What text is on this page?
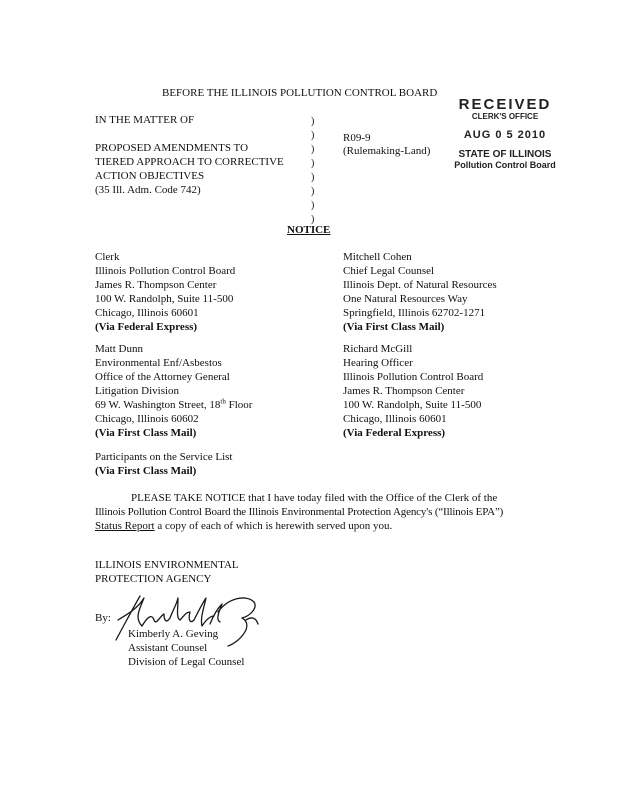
BEFORE THE ILLINOIS POLLUTION CONTROL BOARD
RECEIVED
CLERK'S OFFICE
AUG 0 5 2010
STATE OF ILLINOIS
Pollution Control Board
IN THE MATTER OF
PROPOSED AMENDMENTS TO
TIERED APPROACH TO CORRECTIVE
ACTION OBJECTIVES
(35 Ill. Adm. Code 742)
)
)
)
)
)
)
)
)
R09-9
(Rulemaking-Land)
NOTICE
Clerk
Illinois Pollution Control Board
James R. Thompson Center
100 W. Randolph, Suite 11-500
Chicago, Illinois 60601
(Via Federal Express)
Mitchell Cohen
Chief Legal Counsel
Illinois Dept. of Natural Resources
One Natural Resources Way
Springfield, Illinois 62702-1271
(Via First Class Mail)
Matt Dunn
Environmental Enf/Asbestos
Office of the Attorney General
Litigation Division
69 W. Washington Street, 18th Floor
Chicago, Illinois 60602
(Via First Class Mail)
Richard McGill
Hearing Officer
Illinois Pollution Control Board
James R. Thompson Center
100 W. Randolph, Suite 11-500
Chicago, Illinois 60601
(Via Federal Express)
Participants on the Service List
(Via First Class Mail)
PLEASE TAKE NOTICE that I have today filed with the Office of the Clerk of the
Illinois Pollution Control Board the Illinois Environmental Protection Agency's (“Illinois EPA”)
Status Report a copy of each of which is herewith served upon you.
ILLINOIS ENVIRONMENTAL
PROTECTION AGENCY
By:
Kimberly A. Geving
Assistant Counsel
Division of Legal Counsel
